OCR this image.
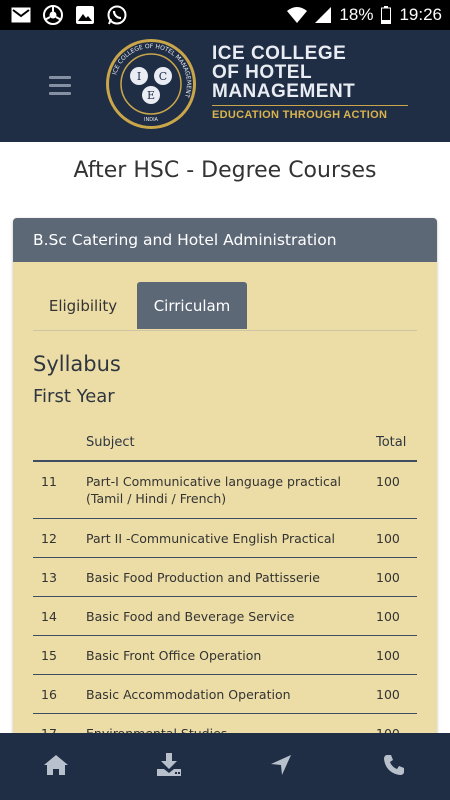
18% 19:26
ICE COLLEGE OF HOTEL MANAGEMENT
I C
E
INDIA
ICE COLLEGE
OF HOTEL
MANAGEMENT
EDUCATION THROUGH ACTION
After HSC - Degree Courses
B.Sc Catering and Hotel Administration
Eligibility	Cirriculam
Syllabus
First Year
	Subject	Total
11	Part-I Communicative language practical (Tamil / Hindi / French)	100
12	Part II -Communicative English Practical	100
13	Basic Food Production and Pattisserie	100
14	Basic Food and Beverage Service	100
15	Basic Front Office Operation	100
16	Basic Accommodation Operation	100
